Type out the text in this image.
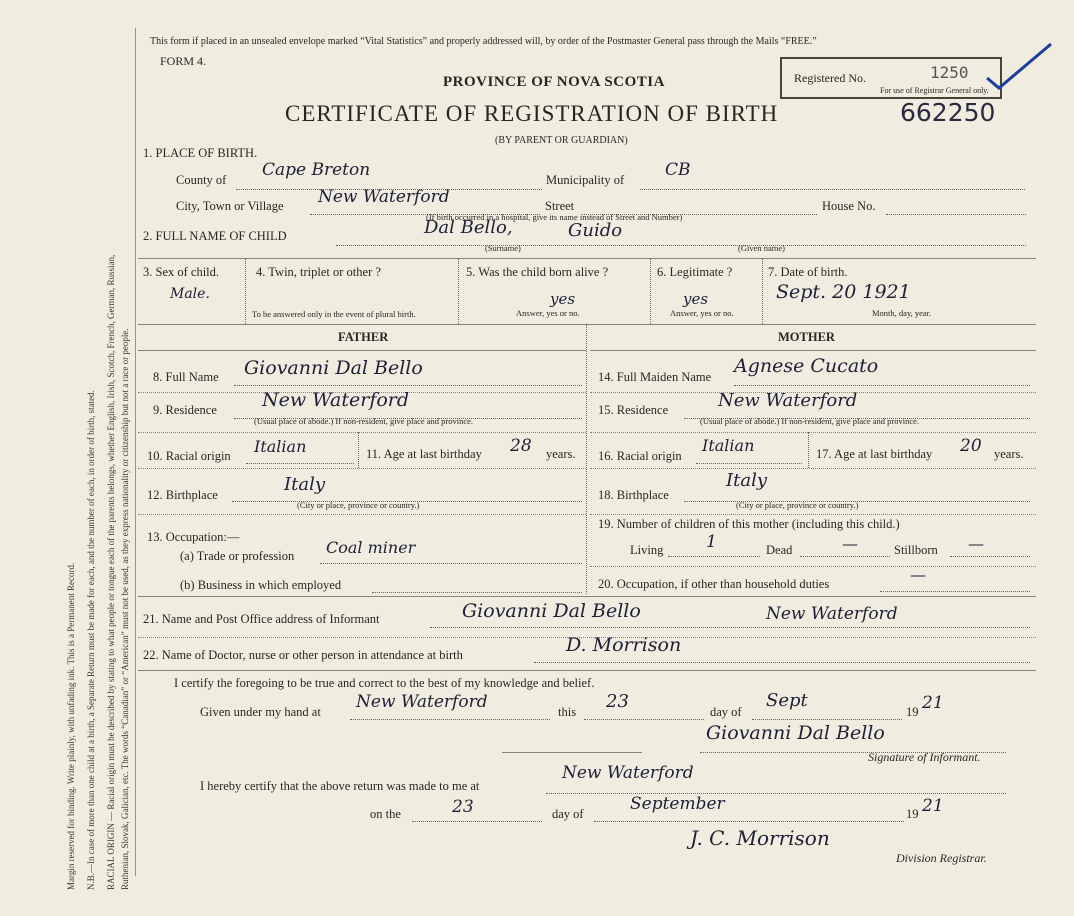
Margin reserved for binding. Write plainly, with unfading ink. This is a Permanent Record. N.B.—In case of more than one child at a birth, a Separate Return must be made for each, and the number of each, in order of birth, stated. RACIAL ORIGIN — Racial origin must be described by stating to what people or tongue each of the parents belongs, whether English, Irish, Scotch, French, German, Russian, Ruthenian, Slovak, Galician, etc. The words “Canadian” or “American” must not be used, as they express nationality or citizenship but not a race or people.
This form if placed in an unsealed envelope marked “Vital Statistics” and properly addressed will, by order of the Postmaster General pass through the Mails “FREE.”
FORM 4.
PROVINCE OF NOVA SCOTIA
CERTIFICATE OF REGISTRATION OF BIRTH
(BY PARENT OR GUARDIAN)
Registered No.	1250
For use of Registrar General only.
662250
1. PLACE OF BIRTH.
County of Cape Breton	Municipality of CB
City, Town or Village New Waterford	Street	House No.
(If birth occurred in a hospital, give its name instead of Street and Number)
2. FULL NAME OF CHILD	Dal Bello,	Guido
(Surname)	(Given name)
3. Sex of child.
Male.
4. Twin, triplet or other ?
To be answered only in the event of plural birth.
5. Was the child born alive ?
yes
Answer, yes or no.
6. Legitimate ?
yes
Answer, yes or no.
7. Date of birth.
Sept. 20 1921
Month, day, year.
FATHER	MOTHER
8. Full Name Giovanni Dal Bello
9. Residence New Waterford
(Usual place of abode.) If non-resident, give place and province.
10. Racial origin Italian	11. Age at last birthday 28 years.
12. Birthplace	Italy
(City or place, province or country.)
13. Occupation:—
(a) Trade or profession Coal miner
(b) Business in which employed
14. Full Maiden Name Agnese Cucato
15. Residence	New Waterford
(Usual place of abode.) If non-resident, give place and province.
16. Racial origin
Italian	17. Age at last birthday 20 years.
18. Birthplace
Italy
(City or place, province or country.)
19. Number of children of this mother (including this child.)
Living	1	Dead	—	Stillborn —
20. Occupation, if other than household duties	—
21. Name and Post Office address of Informant	Giovanni Dal Bello	New Waterford
22. Name of Doctor, nurse or other person in attendance at birth	D. Morrison
I certify the foregoing to be true and correct to the best of my knowledge and belief.
Given under my hand at New Waterford	this 23	day of
Sept
19 21
Giovanni Dal Bello
Signature of Informant.
I hereby certify that the above return was made to me at
New Waterford
on the	23	day of	September	19 21
J. C. Morrison
Division Registrar.
